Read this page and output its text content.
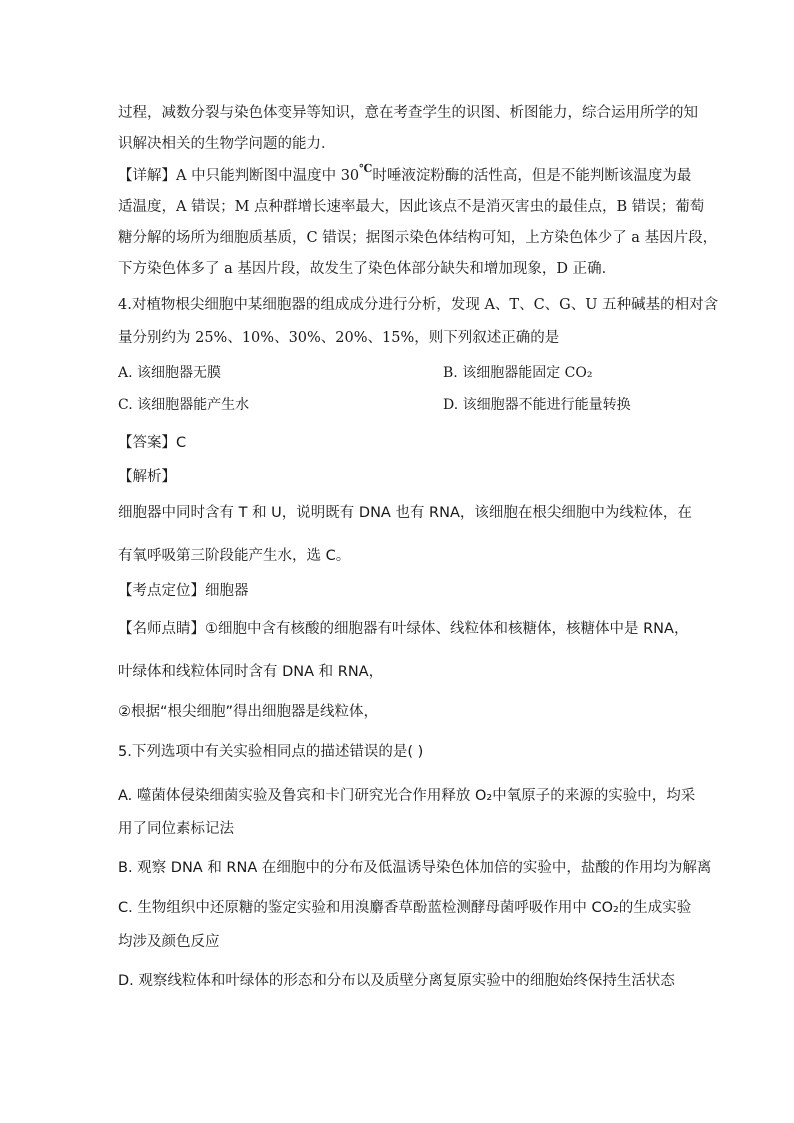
过程，减数分裂与染色体变异等知识，意在考查学生的识图、析图能力，综合运用所学的知
识解决相关的生物学问题的能力．
【详解】A 中只能判断图中温度中 30℃时唾液淀粉酶的活性高，但是不能判断该温度为最
适温度，A 错误；M 点种群增长速率最大，因此该点不是消灭害虫的最佳点，B 错误；葡萄
糖分解的场所为细胞质基质，C 错误；据图示染色体结构可知，上方染色体少了 a 基因片段，
下方染色体多了 a 基因片段，故发生了染色体部分缺失和增加现象，D 正确．
4.对植物根尖细胞中某细胞器的组成成分进行分析，发现 A、T、C、G、U 五种碱基的相对含
量分别约为 25%、10%、30%、20%、15%，则下列叙述正确的是
A. 该细胞器无膜	B. 该细胞器能固定 CO₂
C. 该细胞器能产生水	D. 该细胞器不能进行能量转换
【答案】C
【解析】
细胞器中同时含有 T 和 U，说明既有 DNA 也有 RNA，该细胞在根尖细胞中为线粒体，在
有氧呼吸第三阶段能产生水，选 C。
【考点定位】细胞器
【名师点睛】①细胞中含有核酸的细胞器有叶绿体、线粒体和核糖体，核糖体中是 RNA，
叶绿体和线粒体同时含有 DNA 和 RNA，
②根据“根尖细胞”得出细胞器是线粒体，
5.下列选项中有关实验相同点的描述错误的是( )
A. 噬菌体侵染细菌实验及鲁宾和卡门研究光合作用释放 O₂中氧原子的来源的实验中，均采
用了同位素标记法
B. 观察 DNA 和 RNA 在细胞中的分布及低温诱导染色体加倍的实验中，盐酸的作用均为解离
C. 生物组织中还原糖的鉴定实验和用溴麝香草酚蓝检测酵母菌呼吸作用中 CO₂的生成实验
均涉及颜色反应
D. 观察线粒体和叶绿体的形态和分布以及质壁分离复原实验中的细胞始终保持生活状态
